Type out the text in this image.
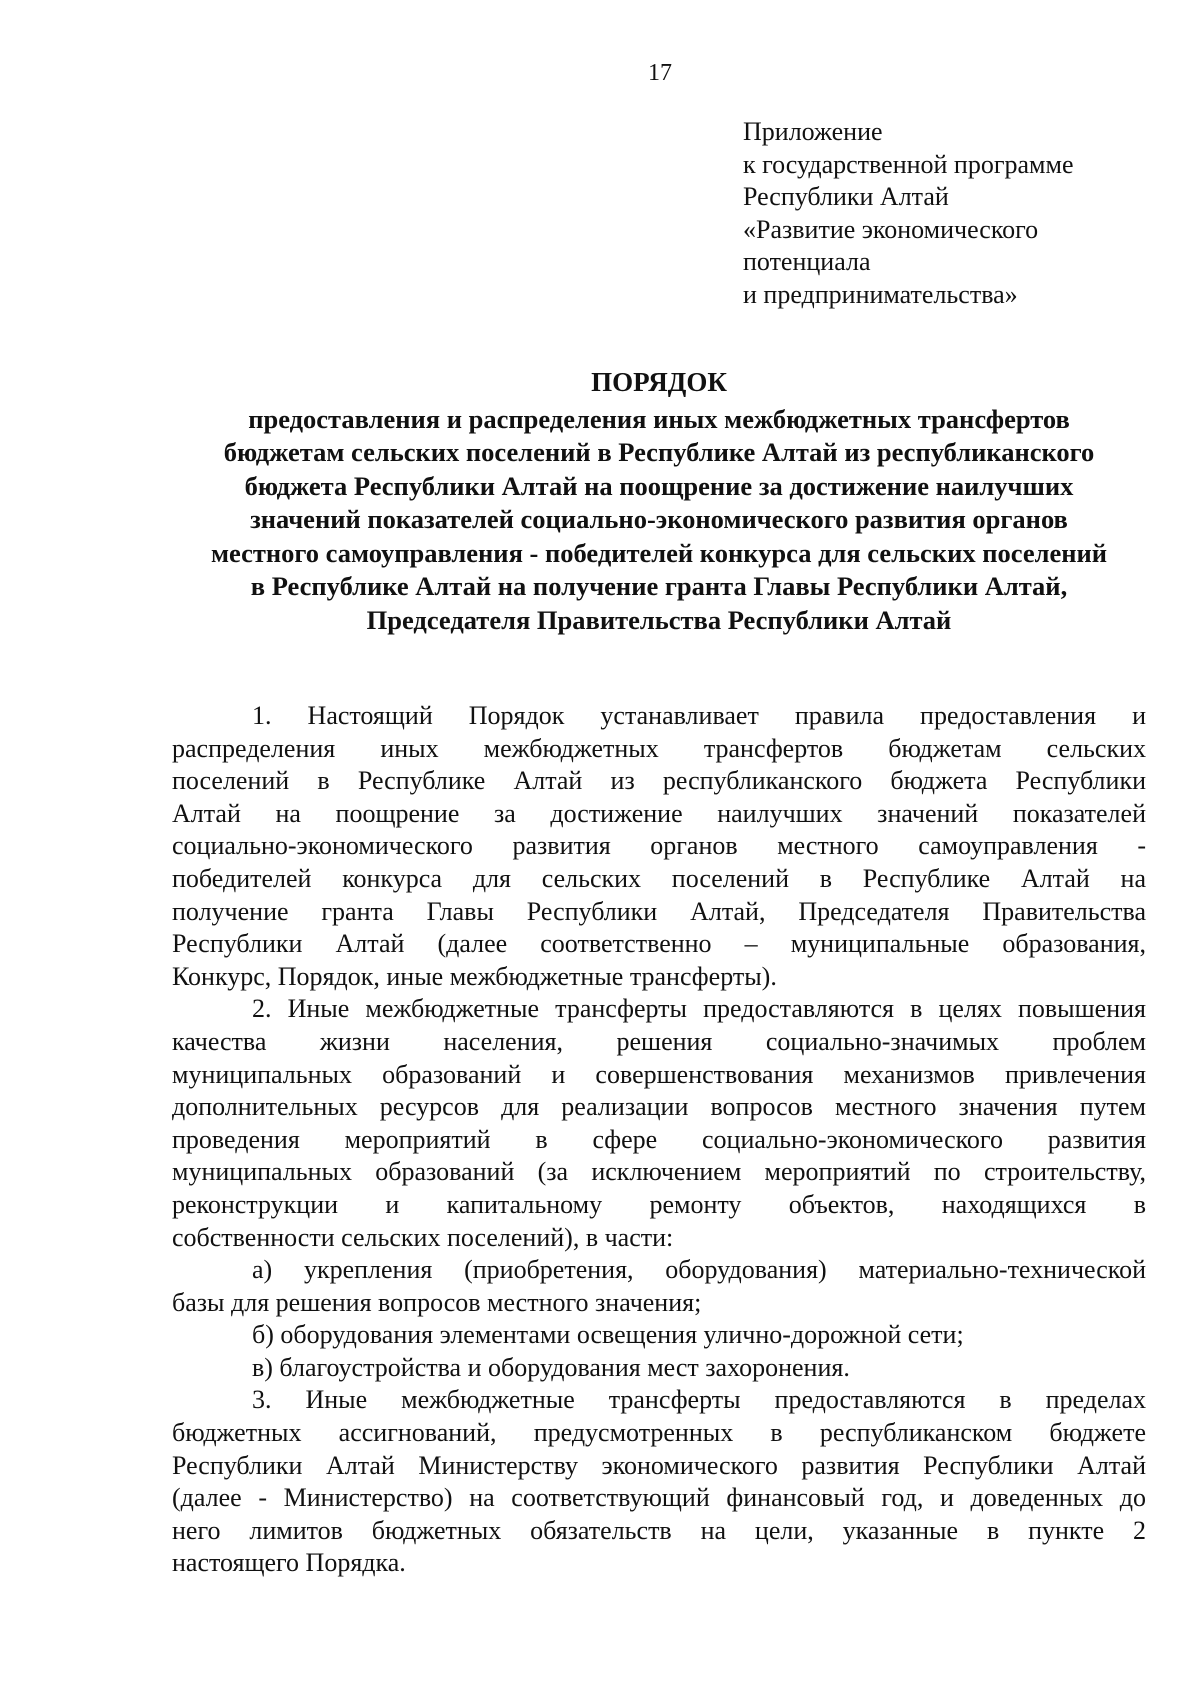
17
Приложение
к государственной программе
Республики Алтай
«Развитие экономического
потенциала
и предпринимательства»
ПОРЯДОК
предоставления и распределения иных межбюджетных трансфертов
бюджетам сельских поселений в Республике Алтай из республиканского
бюджета Республики Алтай на поощрение за достижение наилучших
значений показателей социально-экономического развития органов
местного самоуправления - победителей конкурса для сельских поселений
в Республике Алтай на получение гранта Главы Республики Алтай,
Председателя Правительства Республики Алтай
1. Настоящий Порядок устанавливает правила предоставления и
распределения иных межбюджетных трансфертов бюджетам сельских
поселений в Республике Алтай из республиканского бюджета Республики
Алтай на поощрение за достижение наилучших значений показателей
социально-экономического развития органов местного самоуправления -
победителей конкурса для сельских поселений в Республике Алтай на
получение гранта Главы Республики Алтай, Председателя Правительства
Республики Алтай (далее соответственно – муниципальные образования,
Конкурс, Порядок, иные межбюджетные трансферты).
2. Иные межбюджетные трансферты предоставляются в целях повышения
качества жизни населения, решения социально-значимых проблем
муниципальных образований и совершенствования механизмов привлечения
дополнительных ресурсов для реализации вопросов местного значения путем
проведения мероприятий в сфере социально-экономического развития
муниципальных образований (за исключением мероприятий по строительству,
реконструкции и капитальному ремонту объектов, находящихся в
собственности сельских поселений), в части:
а) укрепления (приобретения, оборудования) материально-технической
базы для решения вопросов местного значения;
б) оборудования элементами освещения улично-дорожной сети;
в) благоустройства и оборудования мест захоронения.
3. Иные межбюджетные трансферты предоставляются в пределах
бюджетных ассигнований, предусмотренных в республиканском бюджете
Республики Алтай Министерству экономического развития Республики Алтай
(далее - Министерство) на соответствующий финансовый год, и доведенных до
него лимитов бюджетных обязательств на цели, указанные в пункте 2
настоящего Порядка.
